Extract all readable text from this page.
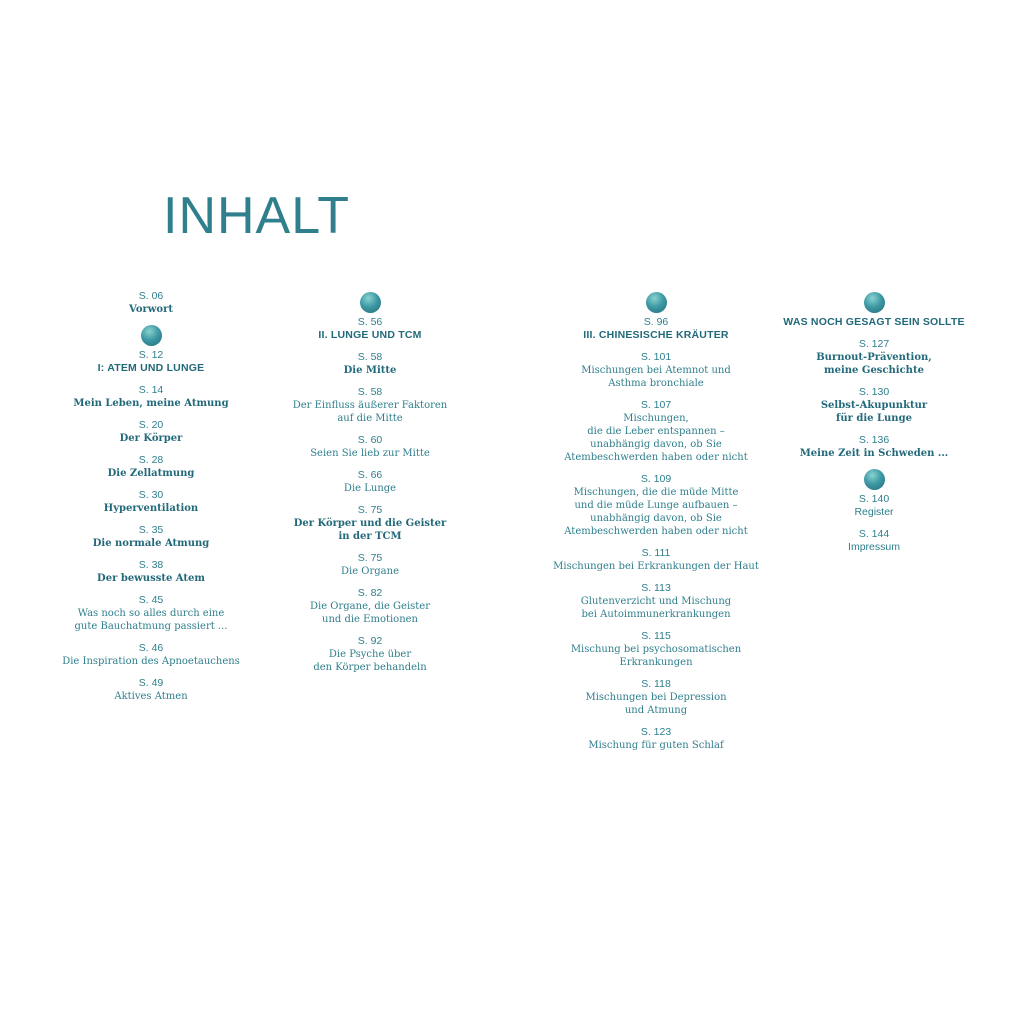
INHALT
S. 06
Vorwort
S. 12
I: ATEM UND LUNGE
S. 14
Mein Leben, meine Atmung
S. 20
Der Körper
S. 28
Die Zellatmung
S. 30
Hyperventilation
S. 35
Die normale Atmung
S. 38
Der bewusste Atem
S. 45
Was noch so alles durch eine
gute Bauchatmung passiert ...
S. 46
Die Inspiration des Apnoetauchens
S. 49
Aktives Atmen
S. 56
II. LUNGE UND TCM
S. 58
Die Mitte
S. 58
Der Einfluss äußerer Faktoren
auf die Mitte
S. 60
Seien Sie lieb zur Mitte
S. 66
Die Lunge
S. 75
Der Körper und die Geister
in der TCM
S. 75
Die Organe
S. 82
Die Organe, die Geister
und die Emotionen
S. 92
Die Psyche über
den Körper behandeln
S. 96
III. CHINESISCHE KRÄUTER
S. 101
Mischungen bei Atemnot und
Asthma bronchiale
S. 107
Mischungen,
die die Leber entspannen –
unabhängig davon, ob Sie
Atembeschwerden haben oder nicht
S. 109
Mischungen, die die müde Mitte
und die müde Lunge aufbauen –
unabhängig davon, ob Sie
Atembeschwerden haben oder nicht
S. 111
Mischungen bei Erkrankungen der Haut
S. 113
Glutenverzicht und Mischung
bei Autoimmunerkrankungen
S. 115
Mischung bei psychosomatischen
Erkrankungen
S. 118
Mischungen bei Depression
und Atmung
S. 123
Mischung für guten Schlaf
WAS NOCH GESAGT SEIN SOLLTE
S. 127
Burnout-Prävention,
meine Geschichte
S. 130
Selbst-Akupunktur
für die Lunge
S. 136
Meine Zeit in Schweden ...
S. 140
Register
S. 144
Impressum
